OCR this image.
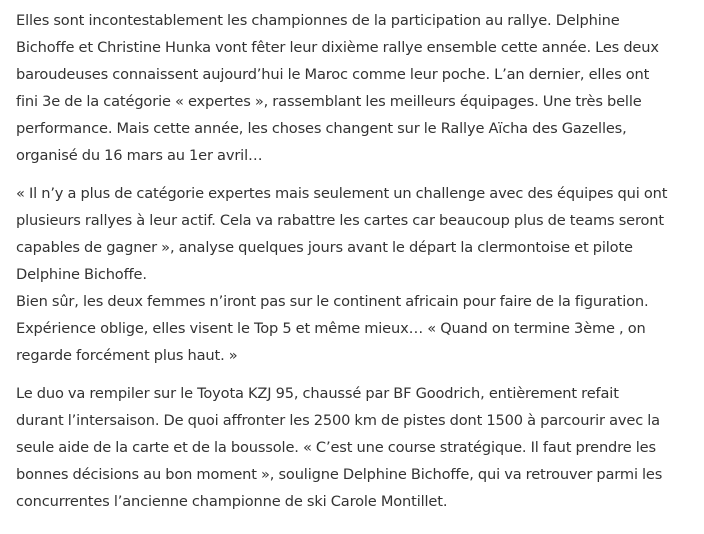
Elles sont incontestablement les championnes de la participation au rallye. Delphine
Bichoffe et Christine Hunka vont fêter leur dixième rallye ensemble cette année. Les deux
baroudeuses connaissent aujourd’hui le Maroc comme leur poche. L’an dernier, elles ont
fini 3e de la catégorie « expertes », rassemblant les meilleurs équipages. Une très belle
performance. Mais cette année, les choses changent sur le Rallye Aïcha des Gazelles,
organisé du 16 mars au 1er avril…

« Il n’y a plus de catégorie expertes mais seulement un challenge avec des équipes qui ont
plusieurs rallyes à leur actif. Cela va rabattre les cartes car beaucoup plus de teams seront
capables de gagner », analyse quelques jours avant le départ la clermontoise et pilote
Delphine Bichoffe.
Bien sûr, les deux femmes n’iront pas sur le continent africain pour faire de la figuration.
Expérience oblige, elles visent le Top 5 et même mieux… « Quand on termine 3ème , on
regarde forcément plus haut. »

Le duo va rempiler sur le Toyota KZJ 95, chaussé par BF Goodrich, entièrement refait
durant l’intersaison. De quoi affronter les 2500 km de pistes dont 1500 à parcourir avec la
seule aide de la carte et de la boussole. « C’est une course stratégique. Il faut prendre les
bonnes décisions au bon moment », souligne Delphine Bichoffe, qui va retrouver parmi les
concurrentes l’ancienne championne de ski Carole Montillet.
